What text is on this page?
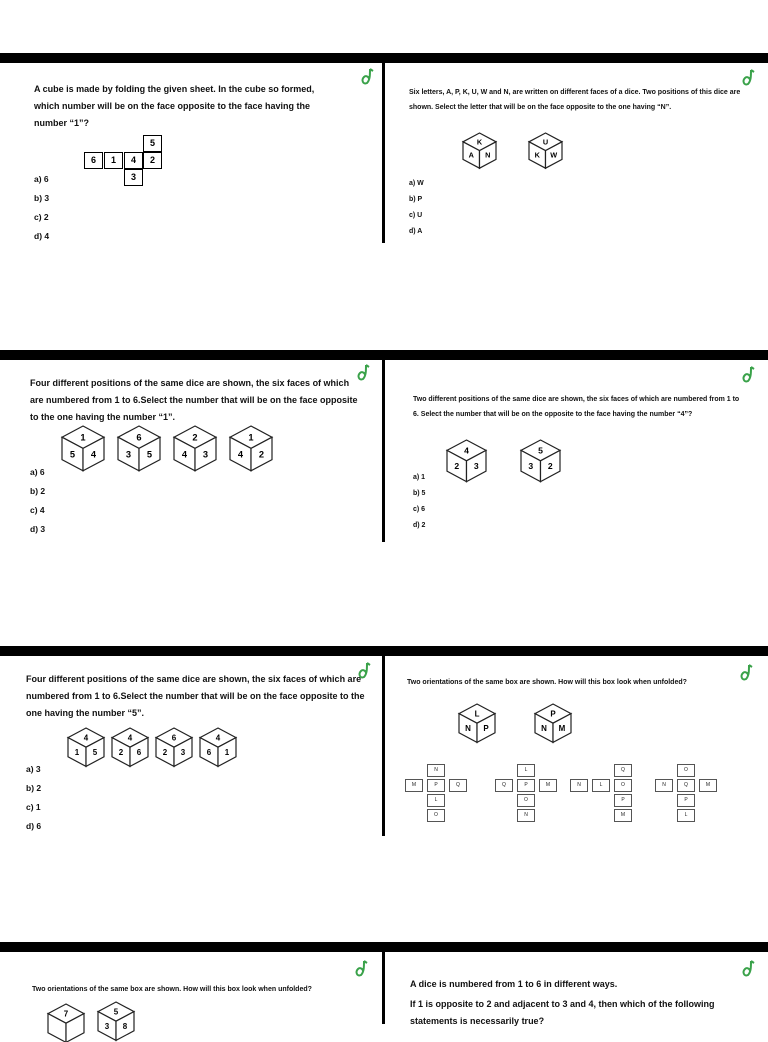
A cube is made by folding the given sheet. In the cube so formed, which number will be on the face opposite to the face having the number “1”?
5
6	1	4	2
3
a) 6
b) 3
c) 2
d) 4
Six letters, A, P, K, U, W and N, are written on different faces of a dice. Two positions of this dice are shown. Select the letter that will be on the face opposite to the one having “N”.
K
A N
U
K W
a) W
b) P
c) U
d) A
Four different positions of the same dice are shown, the six faces of which are numbered from 1 to 6.Select the number that will be on the face opposite to the one having the number “1”.
1
5 4
6
3 5
2
4 3
1
4 2
a) 6
b) 2
c) 4
d) 3
Two different positions of the same dice are shown, the six faces of which are numbered from 1 to 6. Select the number that will be on the opposite to the face having the number “4”?
4
2 3
5
3 2
a) 1
b) 5
c) 6
d) 2
Four different positions of the same dice are shown, the six faces of which are numbered from 1 to 6.Select the number that will be on the face opposite to the one having the number “5”.
4
1 5
4
2 6
6
2 3
4
6 1
a) 3
b) 2
c) 1
d) 6
Two orientations of the same box are shown. How will this box look when unfolded?
L
N P
P
N M
N
M	P	Q
L
O
L
Q	P	M
O
N
Q
N	L	O
P
M
O
N	Q	M
P
L
Two orientations of the same box are shown. How will this box look when unfolded?
7	5
3 8
A dice is numbered from 1 to 6 in different ways.
If 1 is opposite to 2 and adjacent to 3 and 4, then which of the following statements is necessarily true?
